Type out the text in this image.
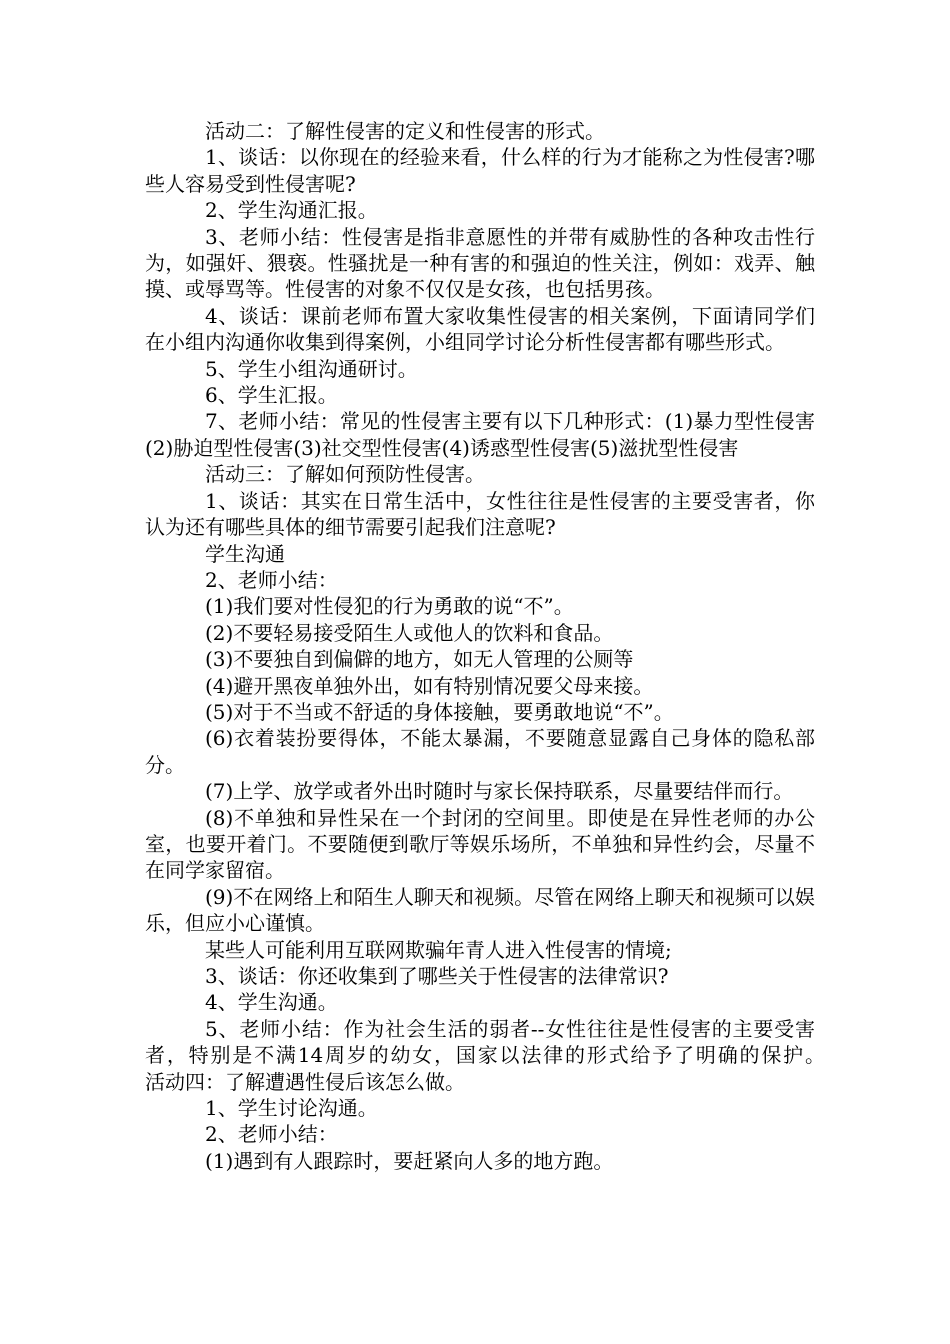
活动二：了解性侵害的定义和性侵害的形式。

1、谈话：以你现在的经验来看，什么样的行为才能称之为性侵害?哪些人容易受到性侵害呢?

2、学生沟通汇报。

3、老师小结：性侵害是指非意愿性的并带有威胁性的各种攻击性行为，如强奸、猥亵。性骚扰是一种有害的和强迫的性关注，例如：戏弄、触摸、或辱骂等。性侵害的对象不仅仅是女孩，也包括男孩。

4、谈话：课前老师布置大家收集性侵害的相关案例，下面请同学们在小组内沟通你收集到得案例，小组同学讨论分析性侵害都有哪些形式。

5、学生小组沟通研讨。

6、学生汇报。

7、老师小结：常见的性侵害主要有以下几种形式：(1)暴力型性侵害(2)胁迫型性侵害(3)社交型性侵害(4)诱惑型性侵害(5)滋扰型性侵害

活动三：了解如何预防性侵害。

1、谈话：其实在日常生活中，女性往往是性侵害的主要受害者，你认为还有哪些具体的细节需要引起我们注意呢?

学生沟通

2、老师小结：

(1)我们要对性侵犯的行为勇敢的说“不”。

(2)不要轻易接受陌生人或他人的饮料和食品。

(3)不要独自到偏僻的地方，如无人管理的公厕等

(4)避开黑夜单独外出，如有特别情况要父母来接。

(5)对于不当或不舒适的身体接触，要勇敢地说“不”。

(6)衣着装扮要得体，不能太暴漏，不要随意显露自己身体的隐私部分。

(7)上学、放学或者外出时随时与家长保持联系，尽量要结伴而行。

(8)不单独和异性呆在一个封闭的空间里。即使是在异性老师的办公室，也要开着门。不要随便到歌厅等娱乐场所，不单独和异性约会，尽量不在同学家留宿。

(9)不在网络上和陌生人聊天和视频。尽管在网络上聊天和视频可以娱乐，但应小心谨慎。

某些人可能利用互联网欺骗年青人进入性侵害的情境;

3、谈话：你还收集到了哪些关于性侵害的法律常识?

4、学生沟通。

5、老师小结：作为社会生活的弱者--女性往往是性侵害的主要受害者，特别是不满14周岁的幼女，国家以法律的形式给予了明确的保护。　　活动四：了解遭遇性侵后该怎么做。

1、学生讨论沟通。

2、老师小结：

(1)遇到有人跟踪时，要赶紧向人多的地方跑。
